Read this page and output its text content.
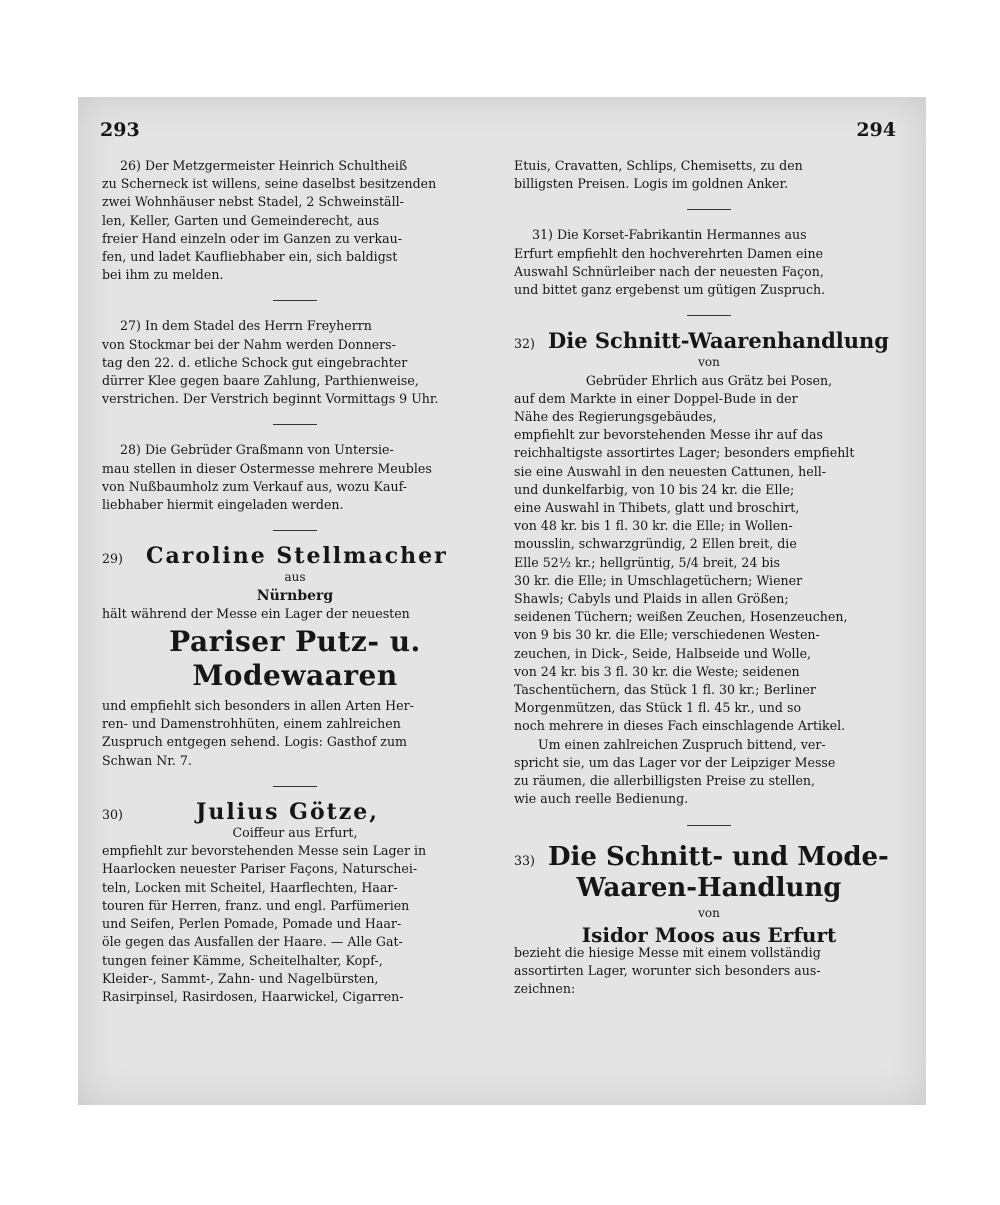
293	294

26) Der Metzgermeister Heinrich Schultheiß

zu Scherneck ist willens, seine daselbst besitzenden

zwei Wohnhäuser nebst Stadel, 2 Schweinställ-

len, Keller, Garten und Gemeinderecht, aus

freier Hand einzeln oder im Ganzen zu verkau-

fen, und ladet Kaufliebhaber ein, sich baldigst

bei ihm zu melden.

27) In dem Stadel des Herrn Freyherrn

von Stockmar bei der Nahm werden Donners-

tag den 22. d. etliche Schock gut eingebrachter

dürrer Klee gegen baare Zahlung, Parthienweise,

verstrichen. Der Verstrich beginnt Vormittags 9 Uhr.

28) Die Gebrüder Graßmann von Untersie-

mau stellen in dieser Ostermesse mehrere Meubles

von Nußbaumholz zum Verkauf aus, wozu Kauf-

liebhaber hiermit eingeladen werden.

29)	Caroline Stellmacher
aus
Nürnberg

hält während der Messe ein Lager der neuesten

Pariser Putz- u. Modewaaren

und empfiehlt sich besonders in allen Arten Her-

ren- und Damenstrohhüten, einem zahlreichen

Zuspruch entgegen sehend. Logis: Gasthof zum

Schwan Nr. 7.

30)	Julius Götze,
Coiffeur aus Erfurt,

empfiehlt zur bevorstehenden Messe sein Lager in

Haarlocken neuester Pariser Façons, Naturschei-

teln, Locken mit Scheitel, Haarflechten, Haar-

touren für Herren, franz. und engl. Parfümerien

und Seifen, Perlen Pomade, Pomade und Haar-

öle gegen das Ausfallen der Haare. — Alle Gat-

tungen feiner Kämme, Scheitelhalter, Kopf-,

Kleider-, Sammt-, Zahn- und Nagelbürsten,

Rasirpinsel, Rasirdosen, Haarwickel, Cigarren-

Etuis, Cravatten, Schlips, Chemisetts, zu den

billigsten Preisen. Logis im goldnen Anker.

31) Die Korset-Fabrikantin Hermannes aus

Erfurt empfiehlt den hochverehrten Damen eine

Auswahl Schnürleiber nach der neuesten Façon,

und bittet ganz ergebenst um gütigen Zuspruch.

32) Die Schnitt-Waarenhandlung
von
Gebrüder Ehrlich aus Grätz bei Posen,

auf dem Markte in einer Doppel-Bude in der

Nähe des Regierungsgebäudes,

empfiehlt zur bevorstehenden Messe ihr auf das

reichhaltigste assortirtes Lager; besonders empfiehlt

sie eine Auswahl in den neuesten Cattunen, hell-

und dunkelfarbig, von 10 bis 24 kr. die Elle;

eine Auswahl in Thibets, glatt und broschirt,

von 48 kr. bis 1 fl. 30 kr. die Elle; in Wollen-

mousslin, schwarzgründig, 2 Ellen breit, die

Elle 52½ kr.; hellgrüntig, 5/4 breit, 24 bis

30 kr. die Elle; in Umschlagetüchern; Wiener

Shawls; Cabyls und Plaids in allen Größen;

seidenen Tüchern; weißen Zeuchen, Hosenzeuchen,

von 9 bis 30 kr. die Elle; verschiedenen Westen-

zeuchen, in Dick-, Seide, Halbseide und Wolle,

von 24 kr. bis 3 fl. 30 kr. die Weste; seidenen

Taschentüchern, das Stück 1 fl. 30 kr.; Berliner

Morgenmützen, das Stück 1 fl. 45 kr., und so

noch mehrere in dieses Fach einschlagende Artikel.

Um einen zahlreichen Zuspruch bittend, ver-

spricht sie, um das Lager vor der Leipziger Messe

zu räumen, die allerbilligsten Preise zu stellen,

wie auch reelle Bedienung.

33) Die Schnitt- und Mode-
Waaren-Handlung
von
Isidor Moos aus Erfurt

bezieht die hiesige Messe mit einem vollständig

assortirten Lager, worunter sich besonders aus-

zeichnen:
